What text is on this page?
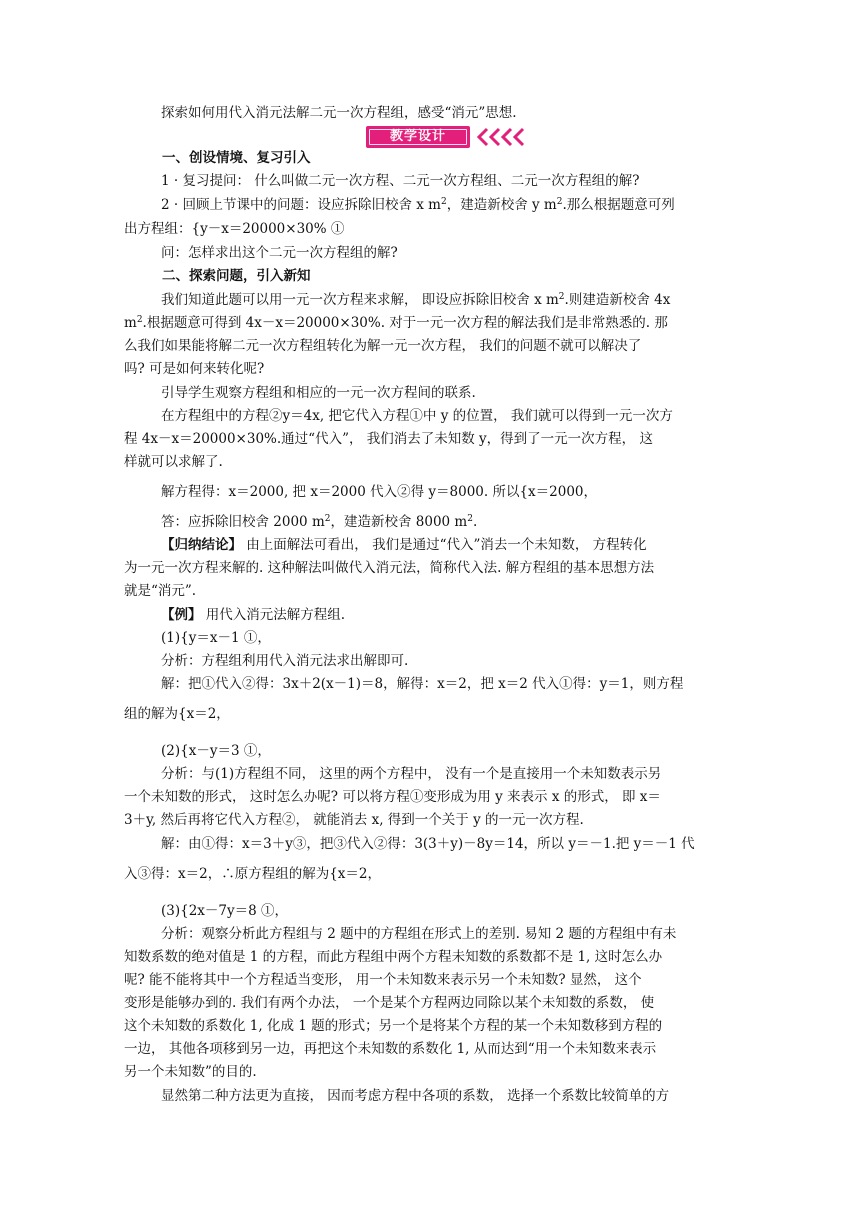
探索如何用代入消元法解二元一次方程组，感受“消元”思想.
教学设计
一、创设情境、复习引入
1 · 复习提问： 什么叫做二元一次方程、二元一次方程组、二元一次方程组的解?
2 · 回顾上节课中的问题：设应拆除旧校舍 x $m^2$，建造新校舍 y $m^2$.那么根据题意可列
出方程组：{y－x＝20000×30% ①
问：怎样求出这个二元一次方程组的解?
二、探索问题，引入新知
我们知道此题可以用一元一次方程来求解， 即设应拆除旧校舍 x $m^2$.则建造新校舍 4x
$m^2$.根据题意可得到 4x－x＝20000×30%. 对于一元一次方程的解法我们是非常熟悉的. 那
么我们如果能将解二元一次方程组转化为解一元一次方程， 我们的问题不就可以解决了
吗? 可是如何来转化呢?
引导学生观察方程组和相应的一元一次方程间的联系.
在方程组中的方程②y＝4x, 把它代入方程①中 y 的位置， 我们就可以得到一元一次方
程 4x－x＝20000×30%.通过“代入”， 我们消去了未知数 y，得到了一元一次方程， 这
样就可以求解了.
解方程得：x＝2000, 把 x＝2000 代入②得 y＝8000. 所以{x＝2000，
答：应拆除旧校舍 2000 $m^2$，建造新校舍 8000 $m^2$.
【归纳结论】 由上面解法可看出， 我们是通过“代入”消去一个未知数， 方程转化
为一元一次方程来解的. 这种解法叫做代入消元法，简称代入法. 解方程组的基本思想方法
就是“消元”.
【例】 用代入消元法解方程组.
(1){y＝x－1 ①，
分析：方程组利用代入消元法求出解即可.
解：把①代入②得：3x＋2(x－1)＝8，解得：x＝2，把 x＝2 代入①得：y＝1，则方程
组的解为{x＝2，
(2){x－y＝3 ①，
分析：与(1)方程组不同， 这里的两个方程中， 没有一个是直接用一个未知数表示另
一个未知数的形式， 这时怎么办呢? 可以将方程①变形成为用 y 来表示 x 的形式， 即 x＝
3＋y, 然后再将它代入方程②， 就能消去 x, 得到一个关于 y 的一元一次方程.
解：由①得：x＝3＋y③，把③代入②得：3(3＋y)－8y＝14，所以 y＝－1.把 y＝－1 代
入③得：x＝2，∴原方程组的解为{x＝2，
(3){2x－7y＝8 ①，
分析：观察分析此方程组与 2 题中的方程组在形式上的差别. 易知 2 题的方程组中有未
知数系数的绝对值是 1 的方程，而此方程组中两个方程未知数的系数都不是 1, 这时怎么办
呢? 能不能将其中一个方程适当变形， 用一个未知数来表示另一个未知数? 显然， 这个
变形是能够办到的. 我们有两个办法， 一个是某个方程两边同除以某个未知数的系数， 使
这个未知数的系数化 1, 化成 1 题的形式；另一个是将某个方程的某一个未知数移到方程的
一边， 其他各项移到另一边，再把这个未知数的系数化 1, 从而达到“用一个未知数来表示
另一个未知数”的目的.
显然第二种方法更为直接， 因而考虑方程中各项的系数， 选择一个系数比较简单的方
